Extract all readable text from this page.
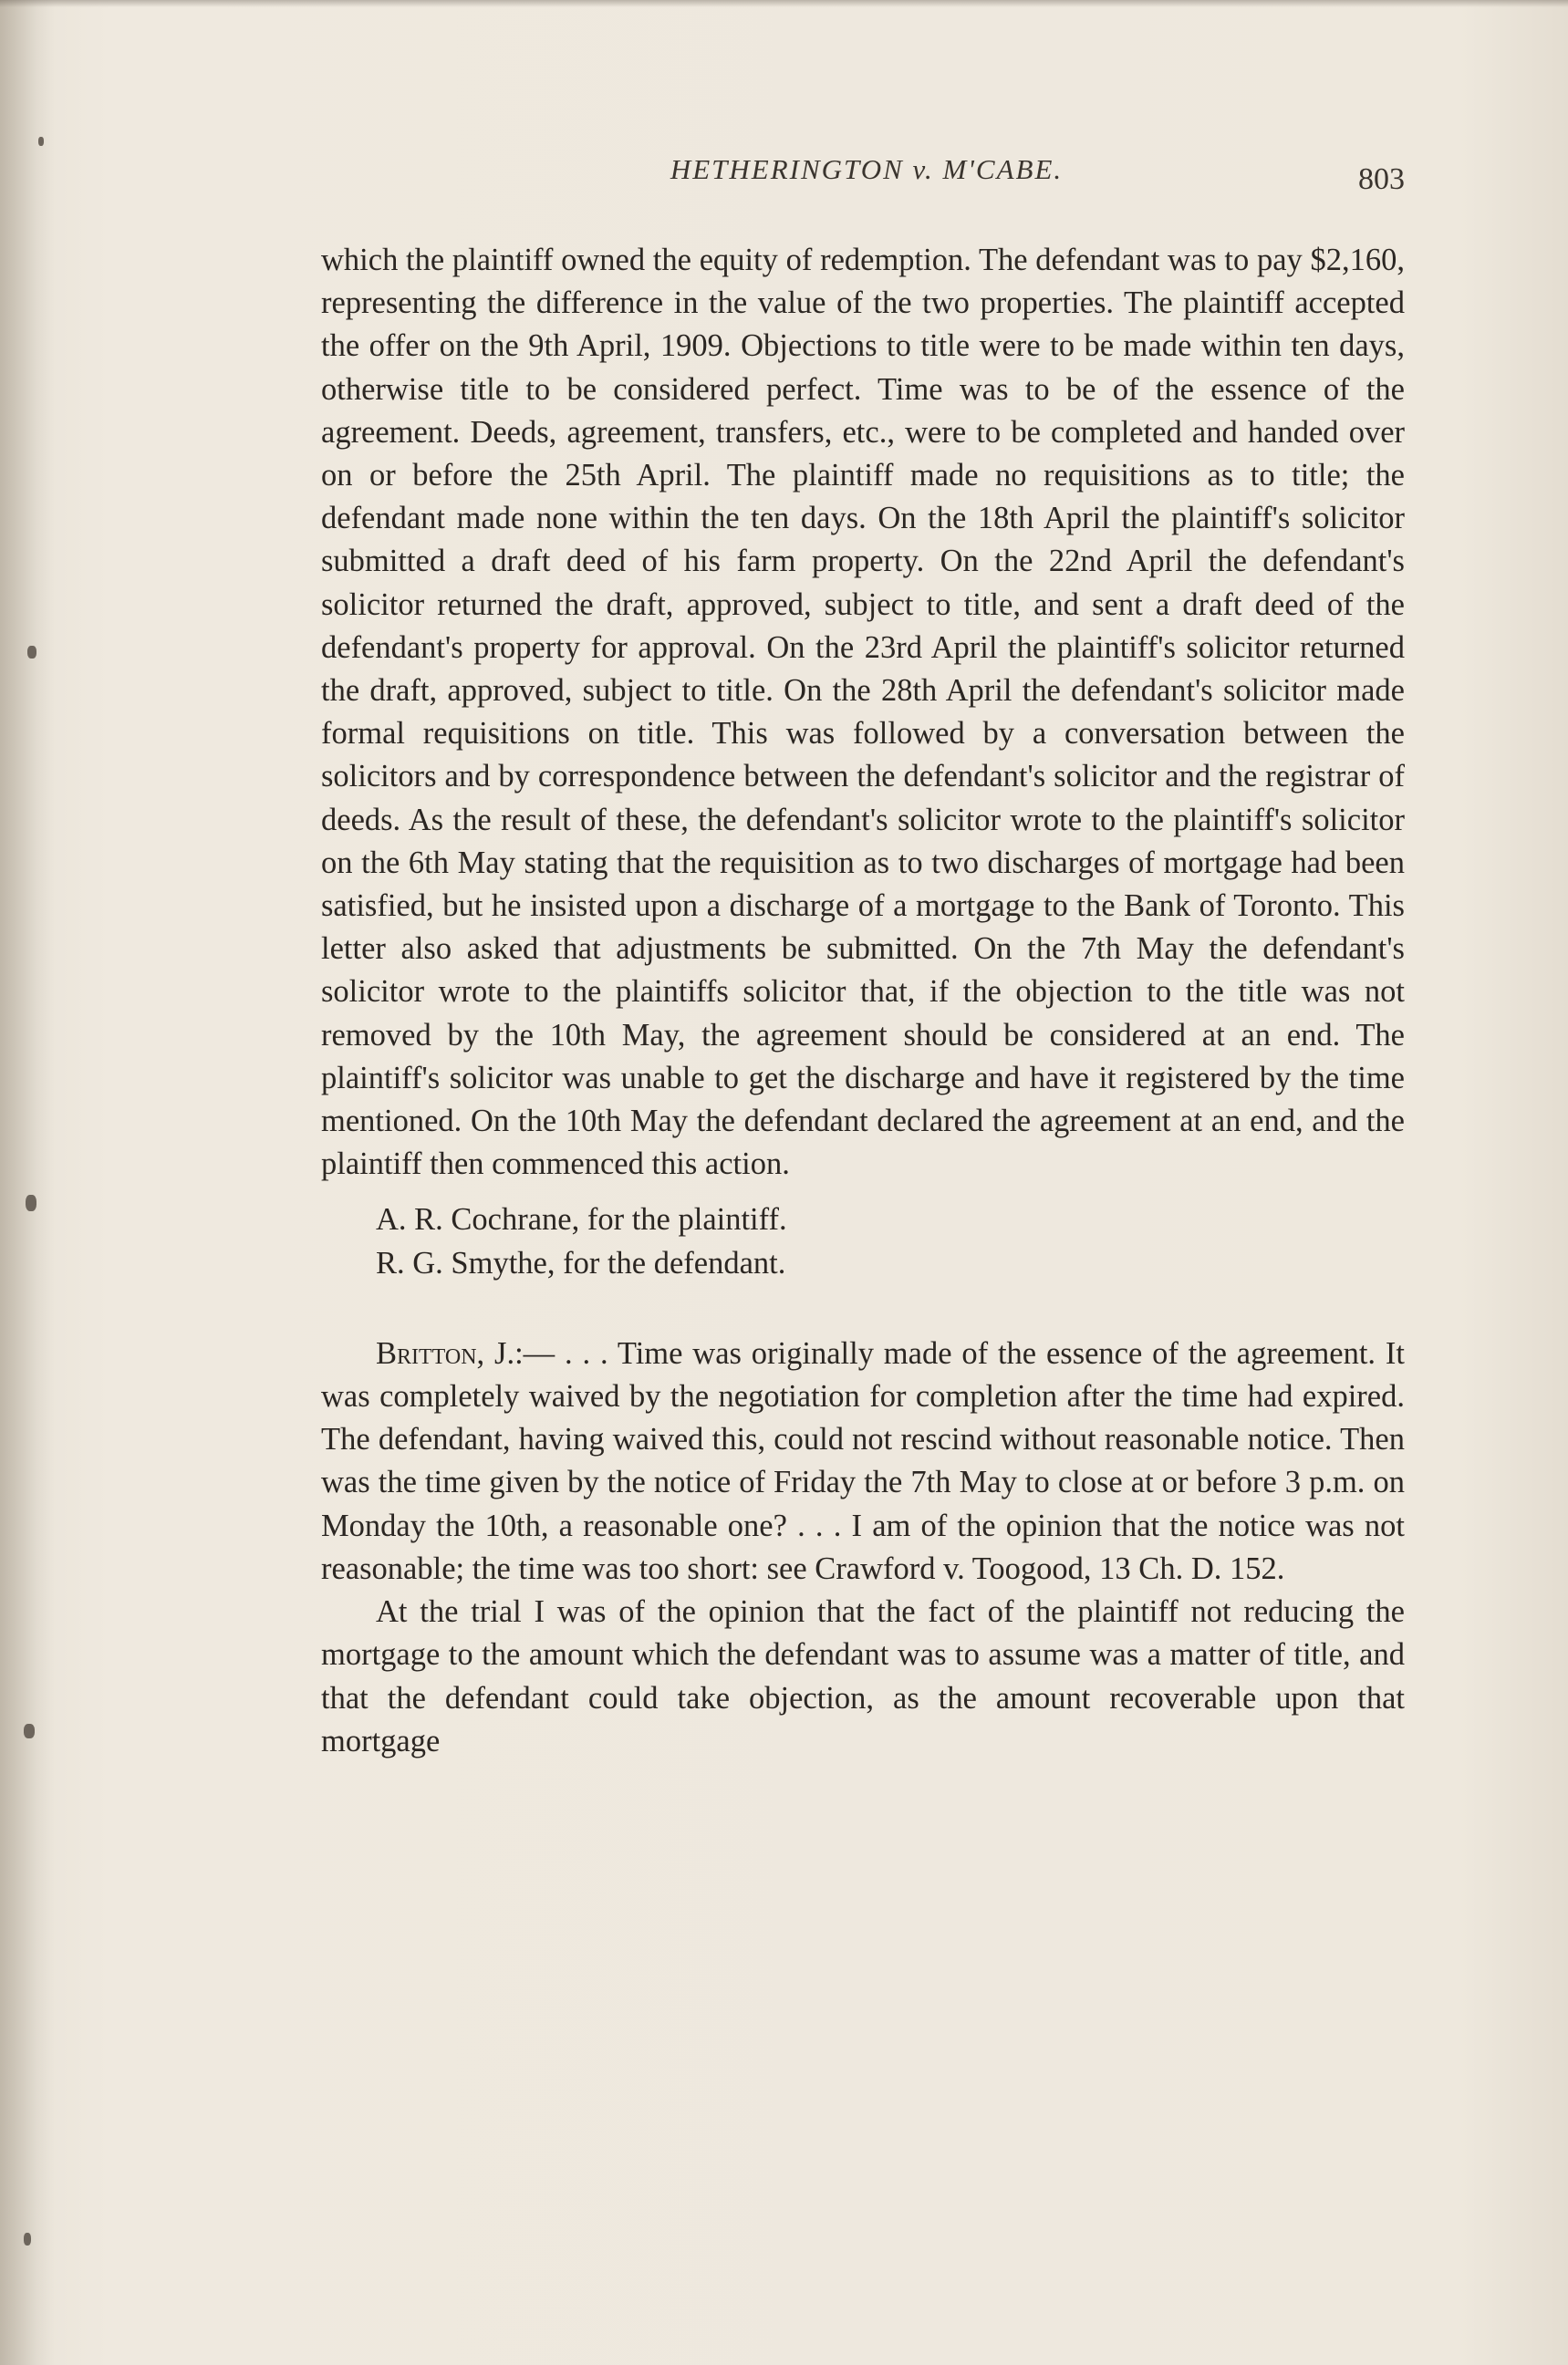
HETHERINGTON v. M'CABE.	803

which the plaintiff owned the equity of redemption. The defendant was to pay $2,160, representing the difference in the value of the two properties. The plaintiff accepted the offer on the 9th April, 1909. Objections to title were to be made within ten days, otherwise title to be considered perfect. Time was to be of the essence of the agreement. Deeds, agreement, transfers, etc., were to be completed and handed over on or before the 25th April. The plaintiff made no requisitions as to title; the defendant made none within the ten days. On the 18th April the plaintiff's solicitor submitted a draft deed of his farm property. On the 22nd April the defendant's solicitor returned the draft, approved, subject to title, and sent a draft deed of the defendant's property for approval. On the 23rd April the plaintiff's solicitor returned the draft, approved, subject to title. On the 28th April the defendant's solicitor made formal requisitions on title. This was followed by a conversation between the solicitors and by correspondence between the defendant's solicitor and the registrar of deeds. As the result of these, the defendant's solicitor wrote to the plaintiff's solicitor on the 6th May stating that the requisition as to two discharges of mortgage had been satisfied, but he insisted upon a discharge of a mortgage to the Bank of Toronto. This letter also asked that adjustments be submitted. On the 7th May the defendant's solicitor wrote to the plaintiffs solicitor that, if the objection to the title was not removed by the 10th May, the agreement should be considered at an end. The plaintiff's solicitor was unable to get the discharge and have it registered by the time mentioned. On the 10th May the defendant declared the agreement at an end, and the plaintiff then commenced this action.

A. R. Cochrane, for the plaintiff.

R. G. Smythe, for the defendant.

Britton, J.:— . . . Time was originally made of the essence of the agreement. It was completely waived by the negotiation for completion after the time had expired. The defendant, having waived this, could not rescind without reasonable notice. Then was the time given by the notice of Friday the 7th May to close at or before 3 p.m. on Monday the 10th, a reasonable one? . . . I am of the opinion that the notice was not reasonable; the time was too short: see Crawford v. Toogood, 13 Ch. D. 152.

At the trial I was of the opinion that the fact of the plaintiff not reducing the mortgage to the amount which the defendant was to assume was a matter of title, and that the defendant could take objection, as the amount recoverable upon that mortgage
